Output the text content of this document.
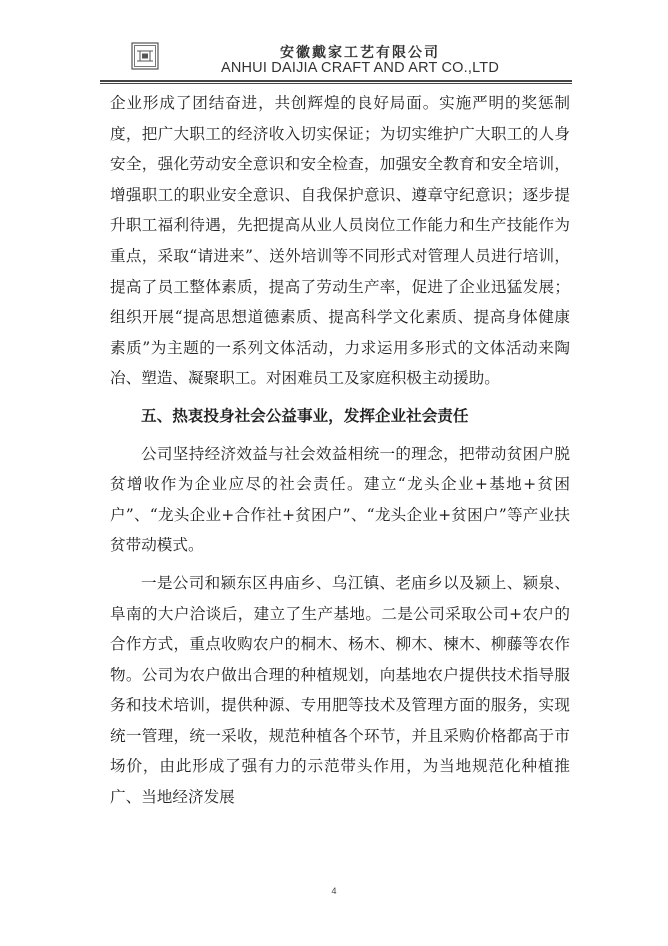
安徽戴家工艺有限公司
ANHUI DAIJIA CRAFT AND ART CO.,LTD

企业形成了团结奋进，共创辉煌的良好局面。实施严明的奖惩制度，把广大职工的经济收入切实保证；为切实维护广大职工的人身安全，强化劳动安全意识和安全检查，加强安全教育和安全培训，增强职工的职业安全意识、自我保护意识、遵章守纪意识；逐步提升职工福利待遇，先把提高从业人员岗位工作能力和生产技能作为重点，采取“请进来”、送外培训等不同形式对管理人员进行培训，提高了员工整体素质，提高了劳动生产率，促进了企业迅猛发展；组织开展“提高思想道德素质、提高科学文化素质、提高身体健康素质”为主题的一系列文体活动，力求运用多形式的文体活动来陶冶、塑造、凝聚职工。对困难员工及家庭积极主动援助。

五、热衷投身社会公益事业，发挥企业社会责任

公司坚持经济效益与社会效益相统一的理念，把带动贫困户脱贫增收作为企业应尽的社会责任。建立“龙头企业+基地+贫困户”、“龙头企业+合作社+贫困户”、“龙头企业+贫困户”等产业扶贫带动模式。

一是公司和颍东区冉庙乡、乌江镇、老庙乡以及颍上、颍泉、阜南的大户洽谈后，建立了生产基地。二是公司采取公司+农户的合作方式，重点收购农户的桐木、杨木、柳木、楝木、柳藤等农作物。公司为农户做出合理的种植规划，向基地农户提供技术指导服务和技术培训，提供种源、专用肥等技术及管理方面的服务，实现统一管理，统一采收，规范种植各个环节，并且采购价格都高于市场价，由此形成了强有力的示范带头作用，为当地规范化种植推广、当地经济发展

4
